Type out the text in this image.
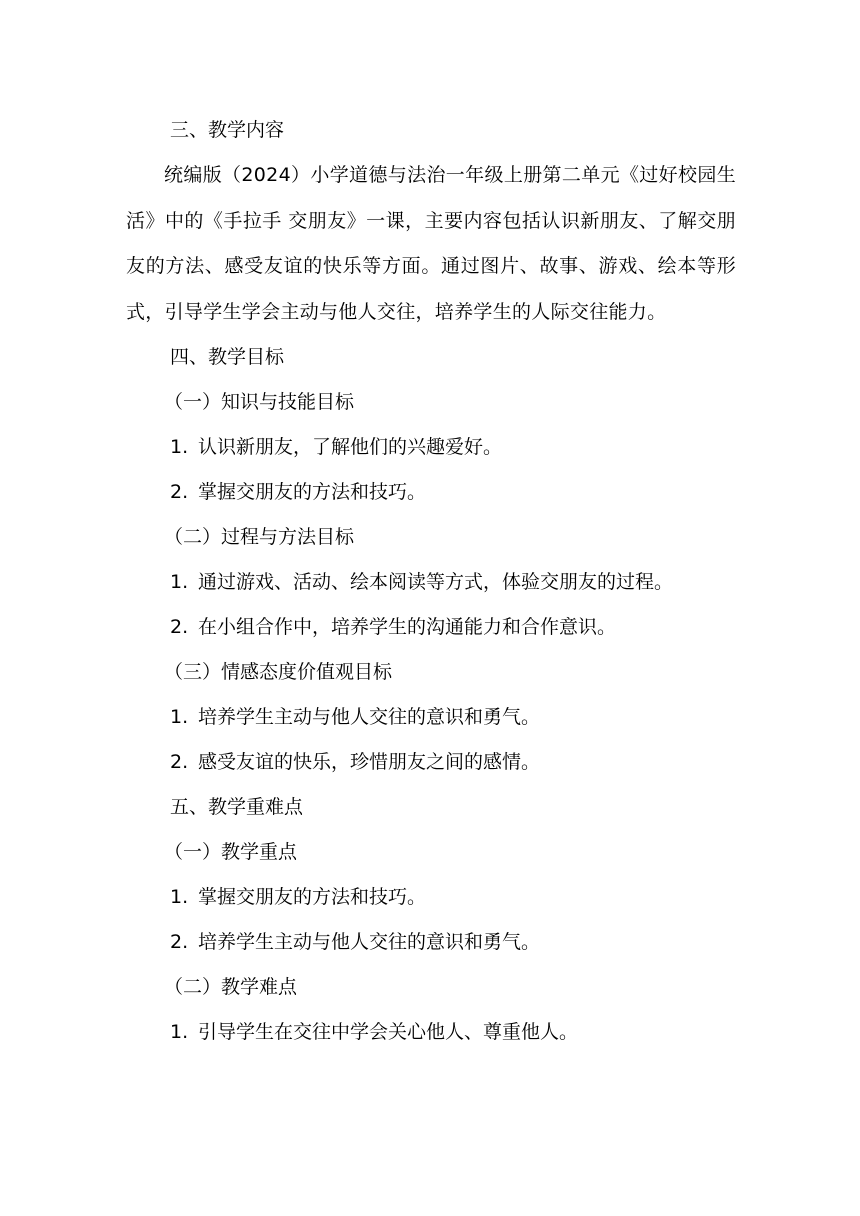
三、教学内容
统编版（2024）小学道德与法治一年级上册第二单元《过好校园生活》中的《手拉手 交朋友》一课，主要内容包括认识新朋友、了解交朋友的方法、感受友谊的快乐等方面。通过图片、故事、游戏、绘本等形式，引导学生学会主动与他人交往，培养学生的人际交往能力。
四、教学目标
（一）知识与技能目标
1. 认识新朋友，了解他们的兴趣爱好。
2. 掌握交朋友的方法和技巧。
（二）过程与方法目标
1. 通过游戏、活动、绘本阅读等方式，体验交朋友的过程。
2. 在小组合作中，培养学生的沟通能力和合作意识。
（三）情感态度价值观目标
1. 培养学生主动与他人交往的意识和勇气。
2. 感受友谊的快乐，珍惜朋友之间的感情。
五、教学重难点
（一）教学重点
1. 掌握交朋友的方法和技巧。
2. 培养学生主动与他人交往的意识和勇气。
（二）教学难点
1. 引导学生在交往中学会关心他人、尊重他人。
